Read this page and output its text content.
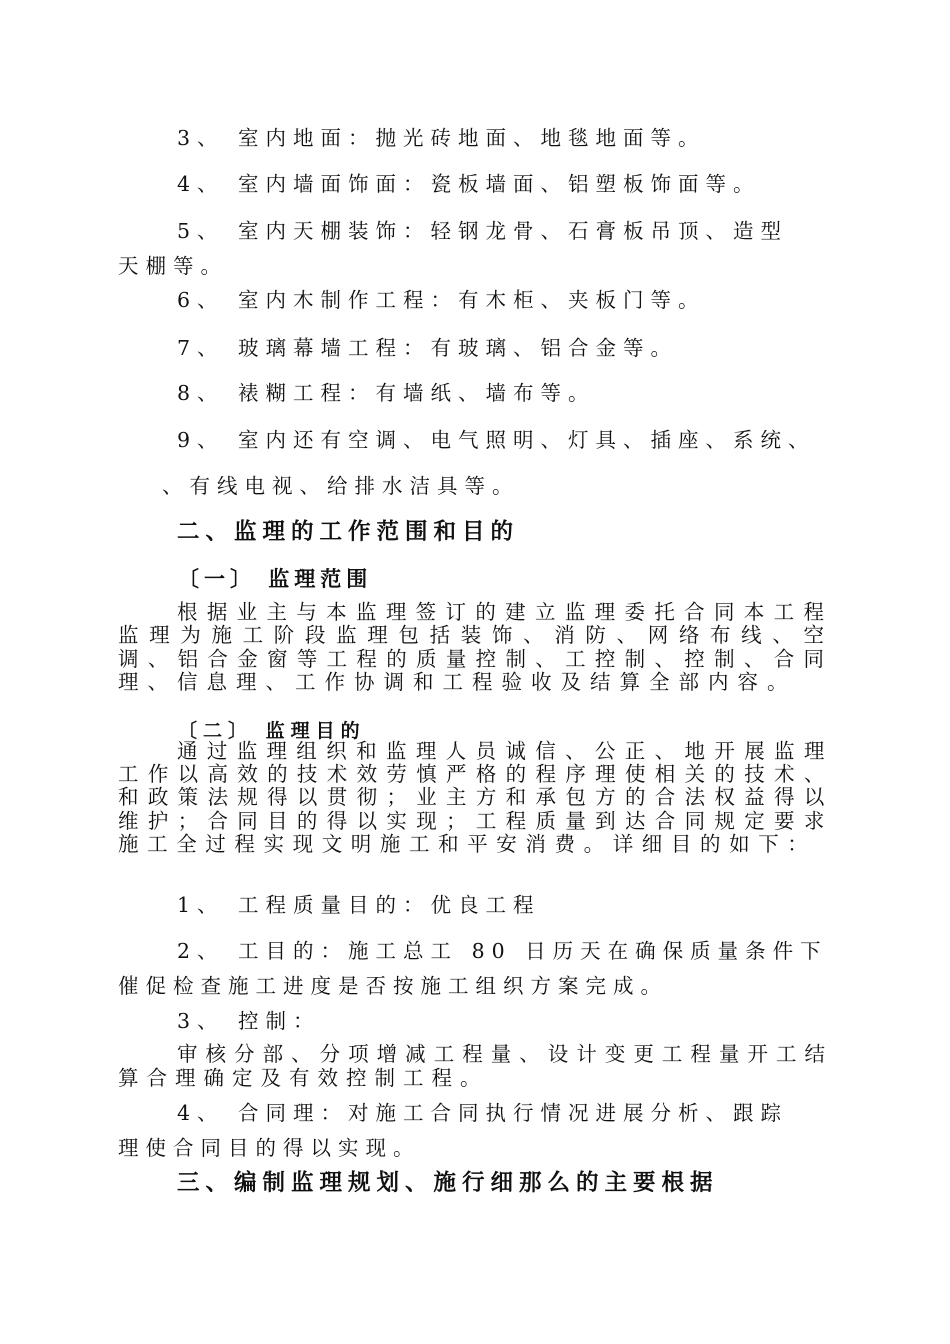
3、 室内地面：抛光砖地面、地毯地面等。

4、 室内墙面饰面：瓷板墙面、铝塑板饰面等。

5、 室内天棚装饰：轻钢龙骨、石膏板吊顶、造型

天棚等。

6、 室内木制作工程：有木柜、夹板门等。

7、 玻璃幕墙工程：有玻璃、铝合金等。

8、 裱糊工程：有墙纸、墙布等。

9、 室内还有空调、电气照明、灯具、插座、系统、

、有线电视、给排水洁具等。

二、监理的工作范围和目的

〔一〕 监理范围

根据业主与本监理签订的建立监理委托合同本工程监理为施工阶段监理包括装饰、消防、网络布线、空调、铝合金窗等工程的质量控制、工控制、控制、合同理、信息理、工作协调和工程验收及结算全部内容。

〔二〕 监理目的

通过监理组织和监理人员诚信、公正、地开展监理工作以高效的技术效劳慎严格的程序理使相关的技术、和政策法规得以贯彻；业主方和承包方的合法权益得以维护；合同目的得以实现；工程质量到达合同规定要求施工全过程实现文明施工和平安消费。详细目的如下：

1、 工程质量目的：优良工程

2、 工目的：施工总工 80 日历天在确保质量条件下

催促检查施工进度是否按施工组织方案完成。

3、 控制：

审核分部、分项增减工程量、设计变更工程量开工结算合理确定及有效控制工程。

4、 合同理：对施工合同执行情况进展分析、跟踪

理使合同目的得以实现。

三、编制监理规划、施行细那么的主要根据
